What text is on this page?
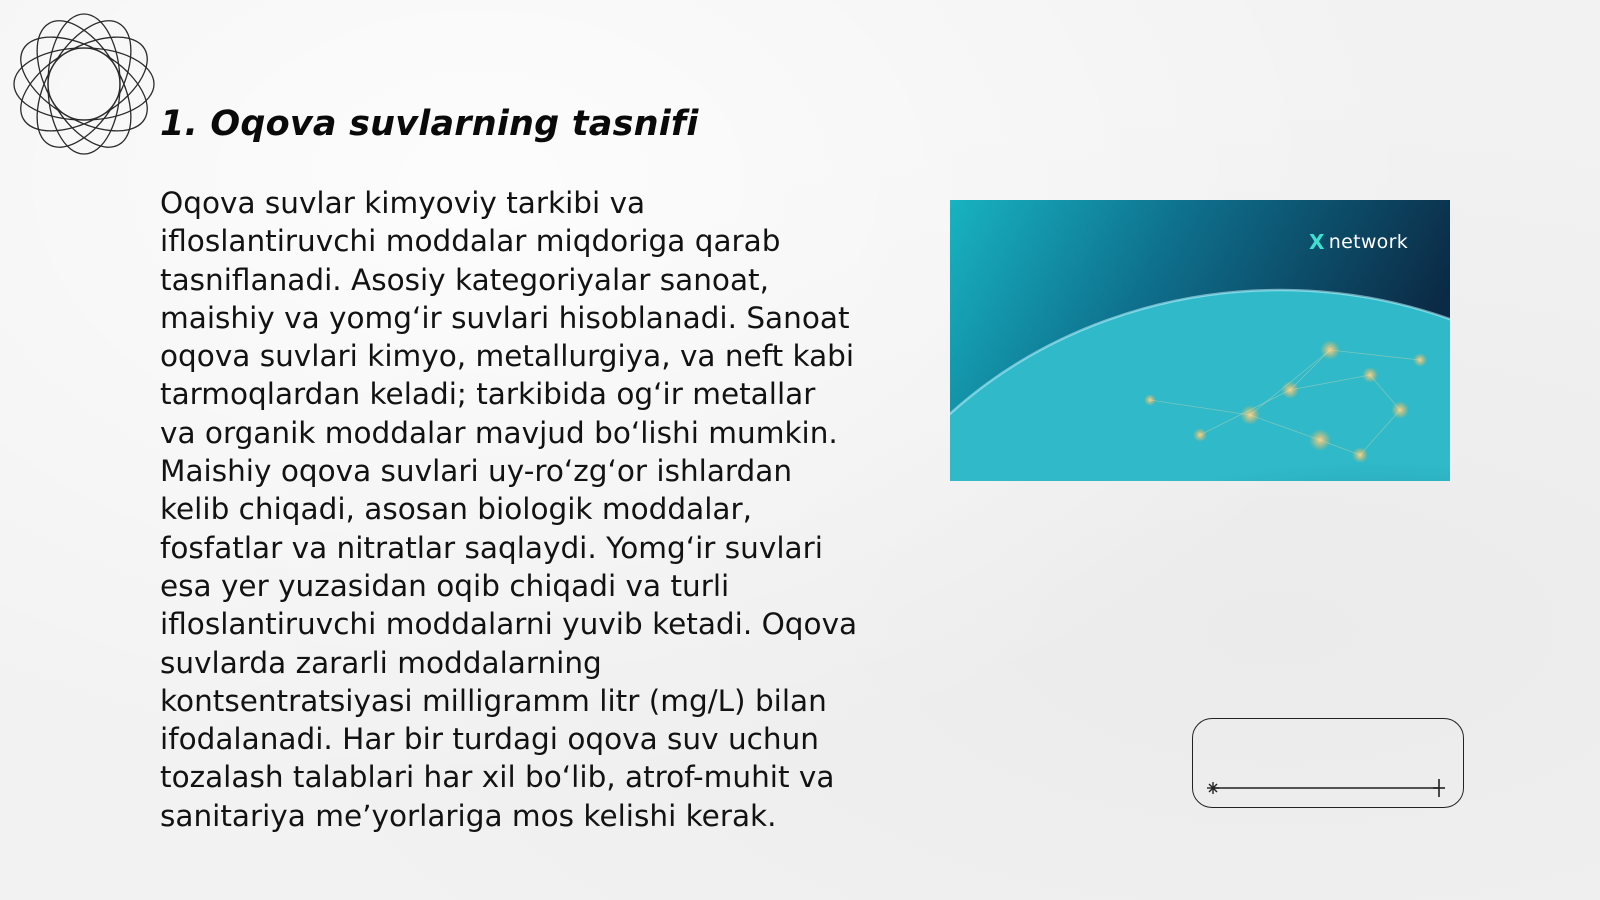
1. Oqova suvlarning tasnifi

Oqova suvlar kimyoviy tarkibi va ifloslantiruvchi moddalar miqdoriga qarab tasniflanadi. Asosiy kategoriyalar sanoat, maishiy va yomg‘ir suvlari hisoblanadi. Sanoat oqova suvlari kimyo, metallurgiya, va neft kabi tarmoqlardan keladi; tarkibida og‘ir metallar va organik moddalar mavjud bo‘lishi mumkin. Maishiy oqova suvlari uy-ro‘zg‘or ishlardan kelib chiqadi, asosan biologik moddalar, fosfatlar va nitratlar saqlaydi. Yomg‘ir suvlari esa yer yuzasidan oqib chiqadi va turli ifloslantiruvchi moddalarni yuvib ketadi. Oqova suvlarda zararli moddalarning kontsentratsiyasi milligramm litr (mg/L) bilan ifodalanadi. Har bir turdagi oqova suv uchun tozalash talablari har xil bo‘lib, atrof-muhit va sanitariya me’yorlariga mos kelishi kerak.

X network
